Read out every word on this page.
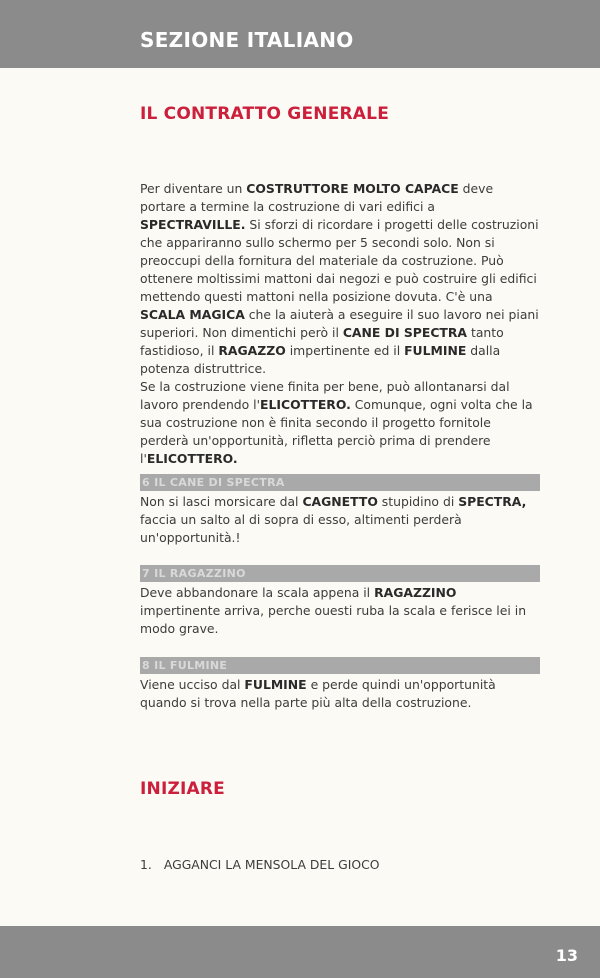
SEZIONE ITALIANO
IL CONTRATTO GENERALE
Per diventare un COSTRUTTORE MOLTO CAPACE deve portare a termine la costruzione di vari edifici a SPECTRAVILLE. Si sforzi di ricordare i progetti delle costruzioni che appariranno sullo schermo per 5 secondi solo. Non si preoccupi della fornitura del materiale da costruzione. Può ottenere moltissimi mattoni dai negozi e può costruire gli edifici mettendo questi mattoni nella posizione dovuta. C'è una SCALA MAGICA che la aiuterà a eseguire il suo lavoro nei piani superiori. Non dimentichi però il CANE DI SPECTRA tanto fastidioso, il RAGAZZO impertinente ed il FULMINE dalla potenza distruttrice.
Se la costruzione viene finita per bene, può allontanarsi dal lavoro prendendo l'ELICOTTERO. Comunque, ogni volta che la sua costruzione non è finita secondo il progetto fornitole perderà un'opportunità, rifletta perciò prima di prendere l'ELICOTTERO.
6 IL CANE DI SPECTRA
Non si lasci morsicare dal CAGNETTO stupidino di SPECTRA, faccia un salto al di sopra di esso, altimenti perderà un'opportunità.!
7 IL RAGAZZINO
Deve abbandonare la scala appena il RAGAZZINO impertinente arriva, perche ouesti ruba la scala e ferisce lei in modo grave.
8 IL FULMINE
Viene ucciso dal FULMINE e perde quindi un'opportunità quando si trova nella parte più alta della costruzione.
INIZIARE
1. AGGANCI LA MENSOLA DEL GIOCO
13
